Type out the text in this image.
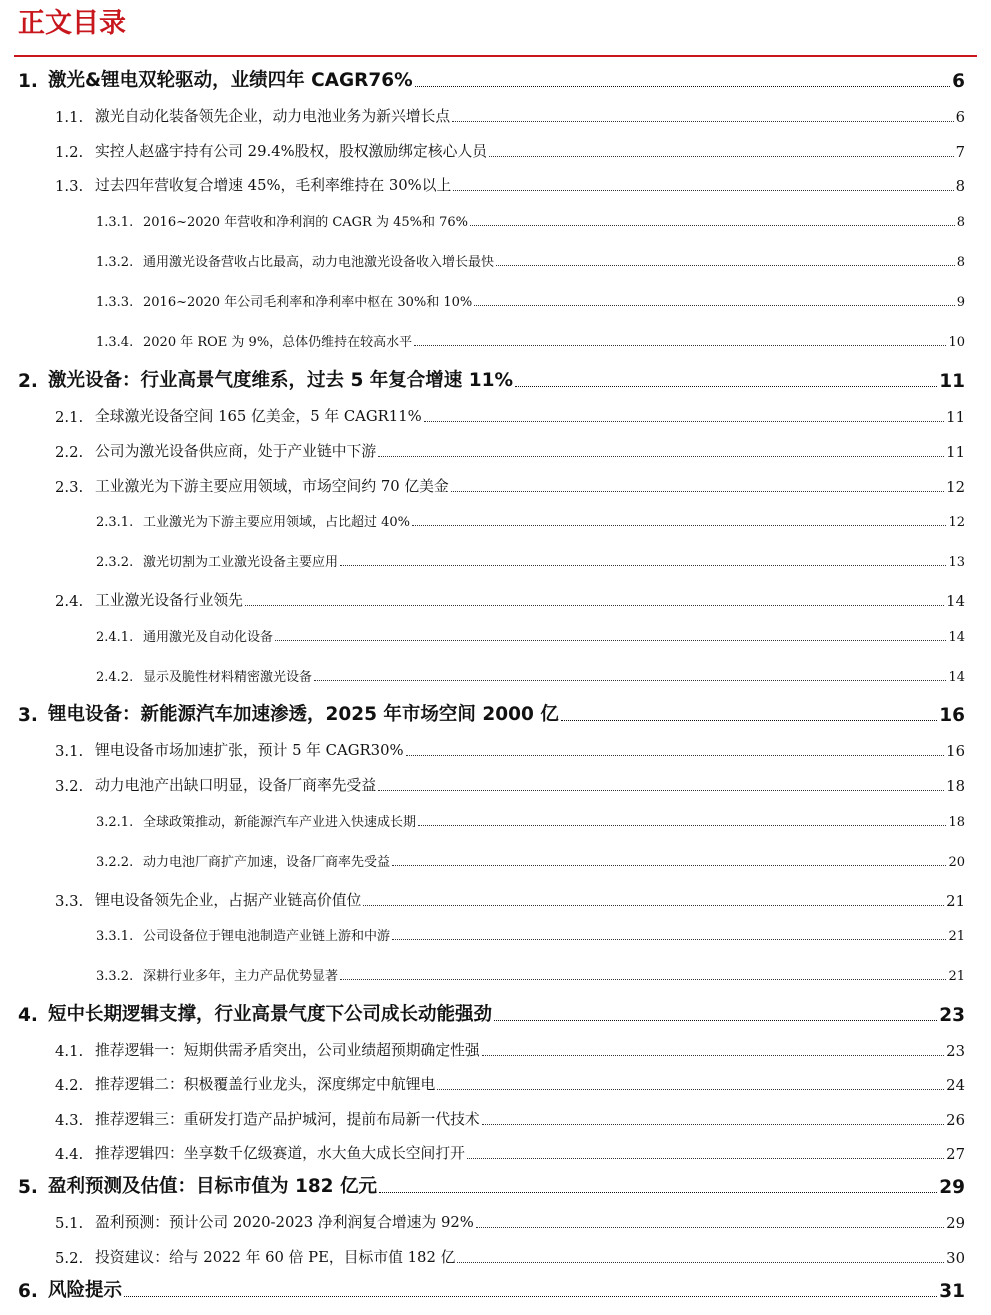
正文目录
1. 激光&锂电双轮驱动，业绩四年 CAGR76%	6
1.1. 激光自动化装备领先企业，动力电池业务为新兴增长点	6
1.2. 实控人赵盛宇持有公司 29.4%股权，股权激励绑定核心人员	7
1.3. 过去四年营收复合增速 45%，毛利率维持在 30%以上	8
1.3.1. 2016~2020 年营收和净利润的 CAGR 为 45%和 76%	8
1.3.2. 通用激光设备营收占比最高，动力电池激光设备收入增长最快	8
1.3.3. 2016~2020 年公司毛利率和净利率中枢在 30%和 10%	9
1.3.4. 2020 年 ROE 为 9%，总体仍维持在较高水平	10
2. 激光设备：行业高景气度维系，过去 5 年复合增速 11%	11
2.1. 全球激光设备空间 165 亿美金，5 年 CAGR11%	11
2.2. 公司为激光设备供应商，处于产业链中下游	11
2.3. 工业激光为下游主要应用领域，市场空间约 70 亿美金	12
2.3.1. 工业激光为下游主要应用领域，占比超过 40%	12
2.3.2. 激光切割为工业激光设备主要应用	13
2.4. 工业激光设备行业领先	14
2.4.1. 通用激光及自动化设备	14
2.4.2. 显示及脆性材料精密激光设备	14
3. 锂电设备：新能源汽车加速渗透，2025 年市场空间 2000 亿	16
3.1. 锂电设备市场加速扩张，预计 5 年 CAGR30%	16
3.2. 动力电池产出缺口明显，设备厂商率先受益	18
3.2.1. 全球政策推动，新能源汽车产业进入快速成长期	18
3.2.2. 动力电池厂商扩产加速，设备厂商率先受益	20
3.3. 锂电设备领先企业，占据产业链高价值位	21
3.3.1. 公司设备位于锂电池制造产业链上游和中游	21
3.3.2. 深耕行业多年，主力产品优势显著	21
4. 短中长期逻辑支撑，行业高景气度下公司成长动能强劲	23
4.1. 推荐逻辑一：短期供需矛盾突出，公司业绩超预期确定性强	23
4.2. 推荐逻辑二：积极覆盖行业龙头，深度绑定中航锂电	24
4.3. 推荐逻辑三：重研发打造产品护城河，提前布局新一代技术	26
4.4. 推荐逻辑四：坐享数千亿级赛道，水大鱼大成长空间打开	27
5. 盈利预测及估值：目标市值为 182 亿元	29
5.1. 盈利预测：预计公司 2020-2023 净利润复合增速为 92%	29
5.2. 投资建议：给与 2022 年 60 倍 PE，目标市值 182 亿	30
6. 风险提示	31
